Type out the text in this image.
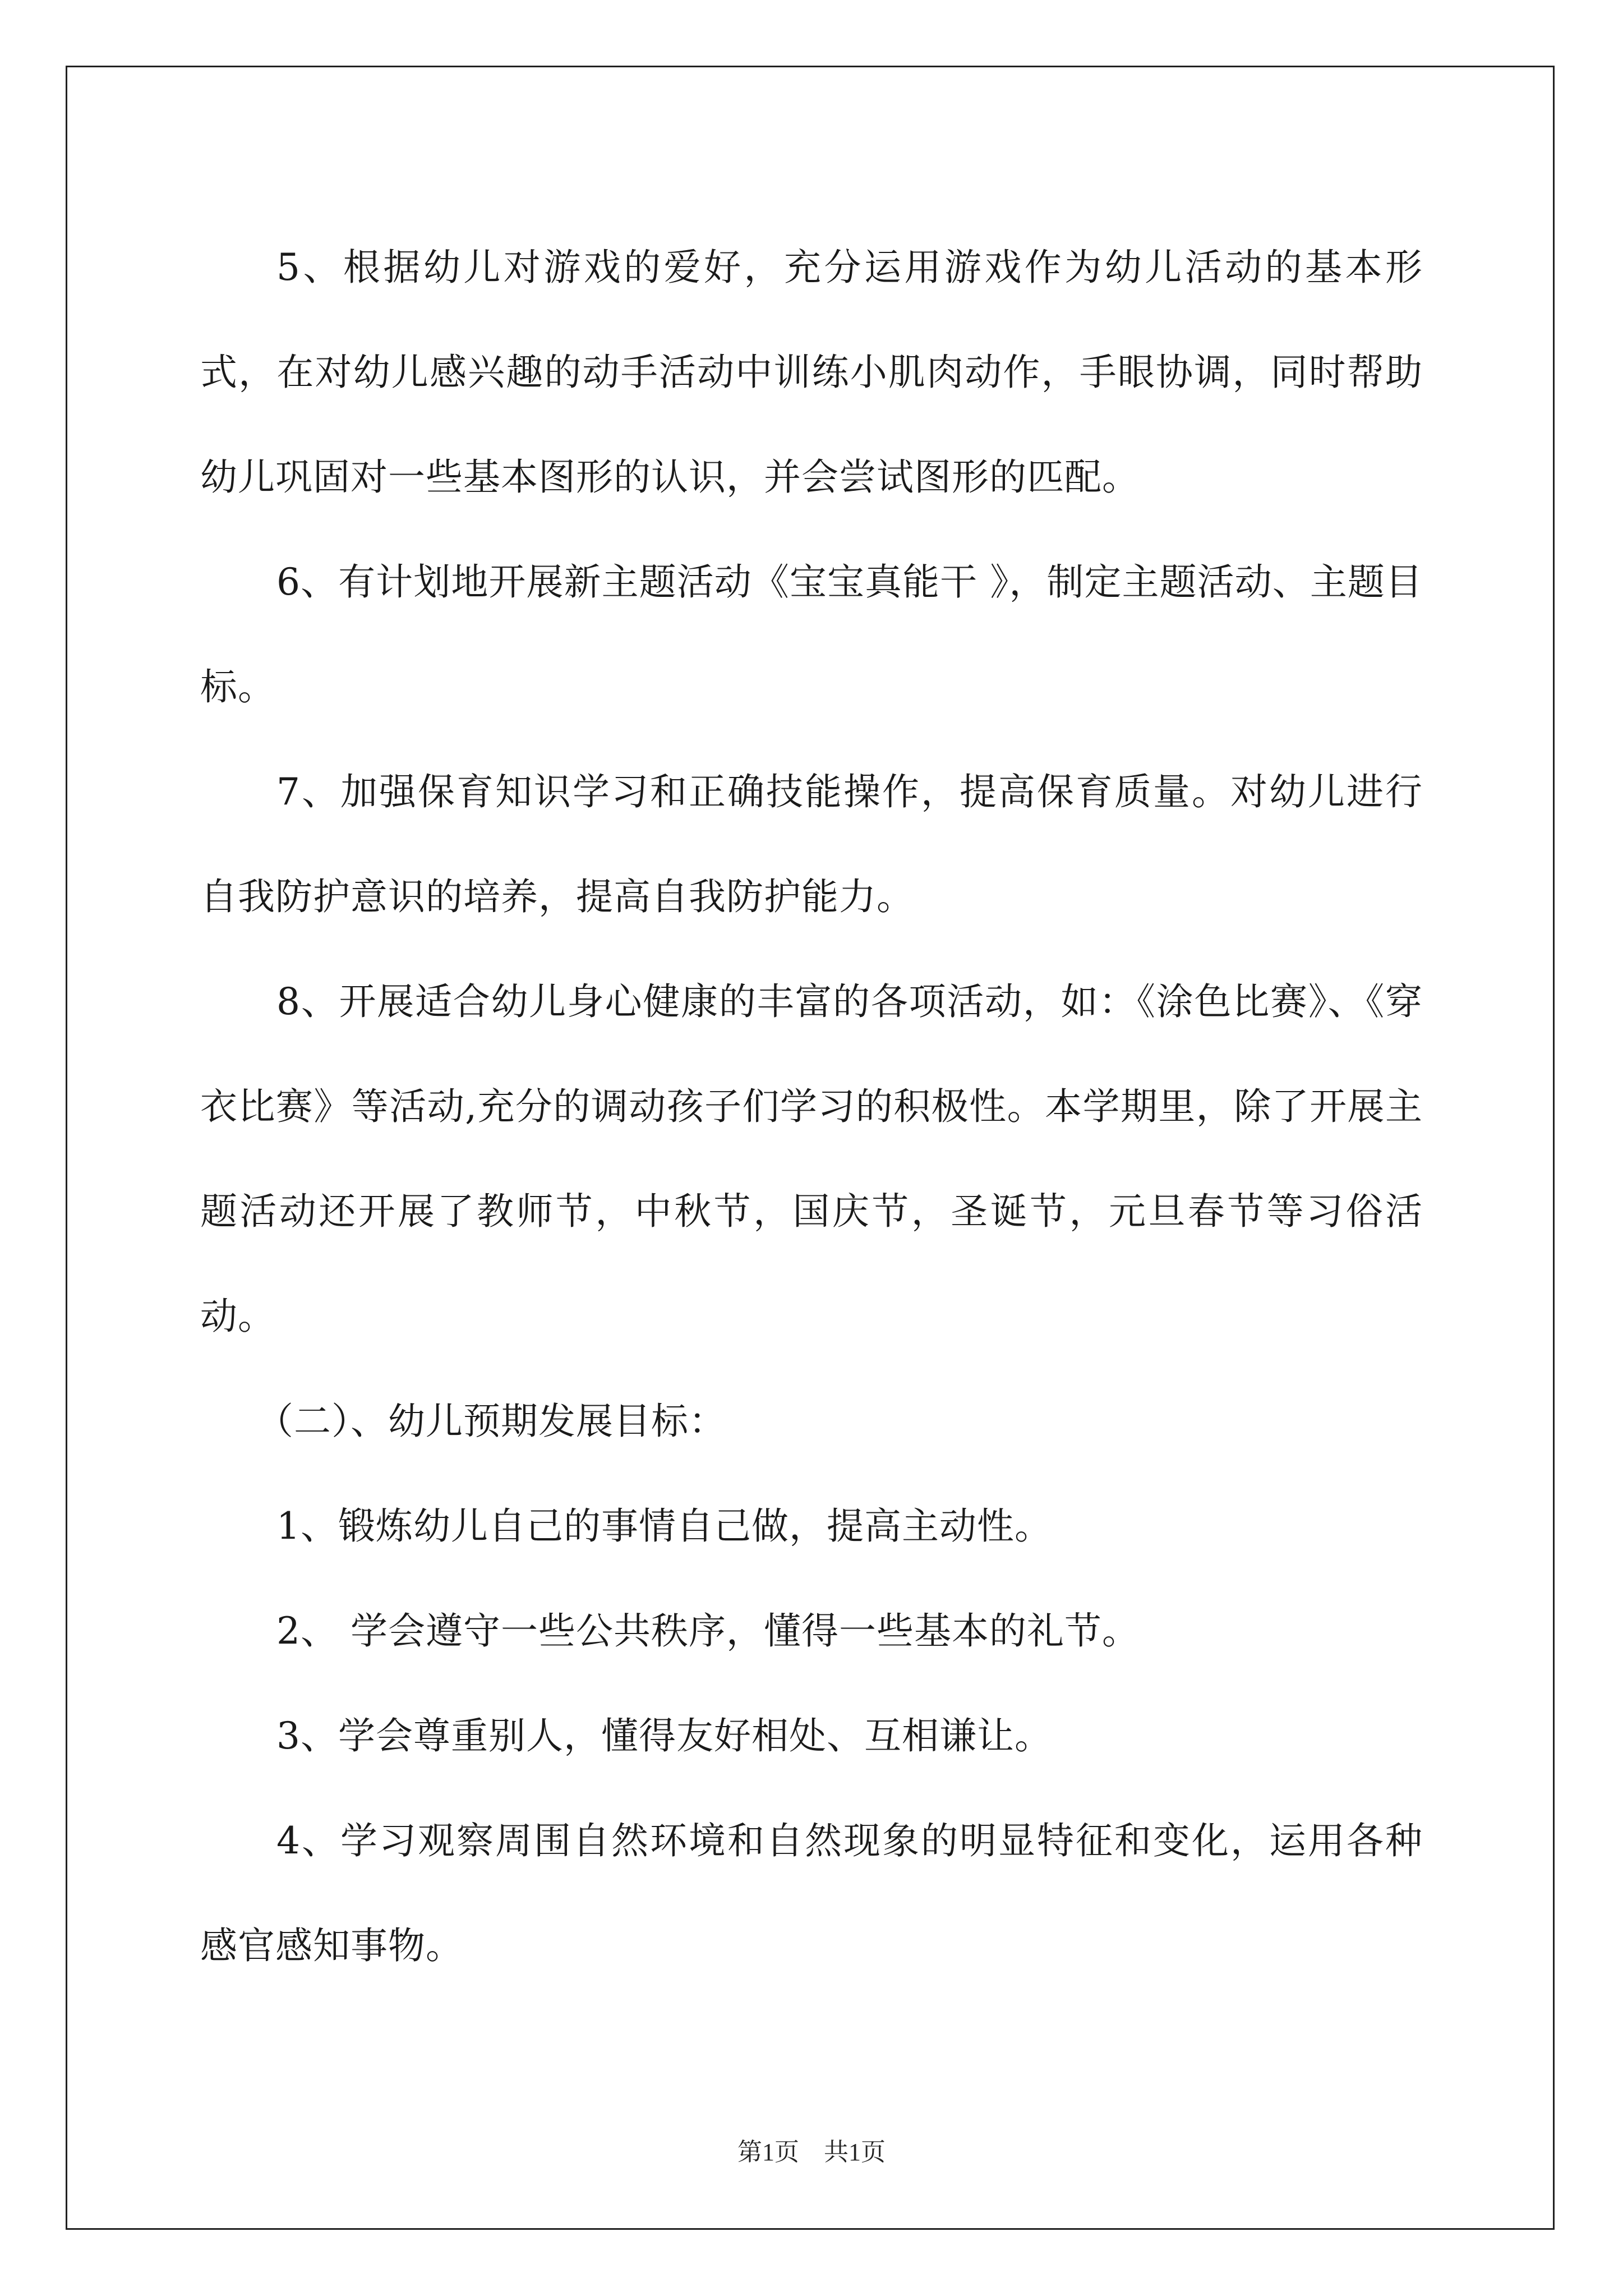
5、根据幼儿对游戏的爱好，充分运用游戏作为幼儿活动的基本形式，在对幼儿感兴趣的动手活动中训练小肌肉动作，手眼协调，同时帮助幼儿巩固对一些基本图形的认识，并会尝试图形的匹配。

6、有计划地开展新主题活动《宝宝真能干 》，制定主题活动、主题目标。

7、加强保育知识学习和正确技能操作，提高保育质量。对幼儿进行自我防护意识的培养，提高自我防护能力。

8、开展适合幼儿身心健康的丰富的各项活动，如：《涂色比赛》、《穿衣比赛》等活动,充分的调动孩子们学习的积极性。本学期里，除了开展主题活动还开展了教师节，中秋节，国庆节，圣诞节，元旦春节等习俗活动。

（二）、幼儿预期发展目标：

1、锻炼幼儿自己的事情自己做，提高主动性。

2、 学会遵守一些公共秩序，懂得一些基本的礼节。

3、学会尊重别人，懂得友好相处、互相谦让。

4、学习观察周围自然环境和自然现象的明显特征和变化，运用各种感官感知事物。

第1页　共1页
